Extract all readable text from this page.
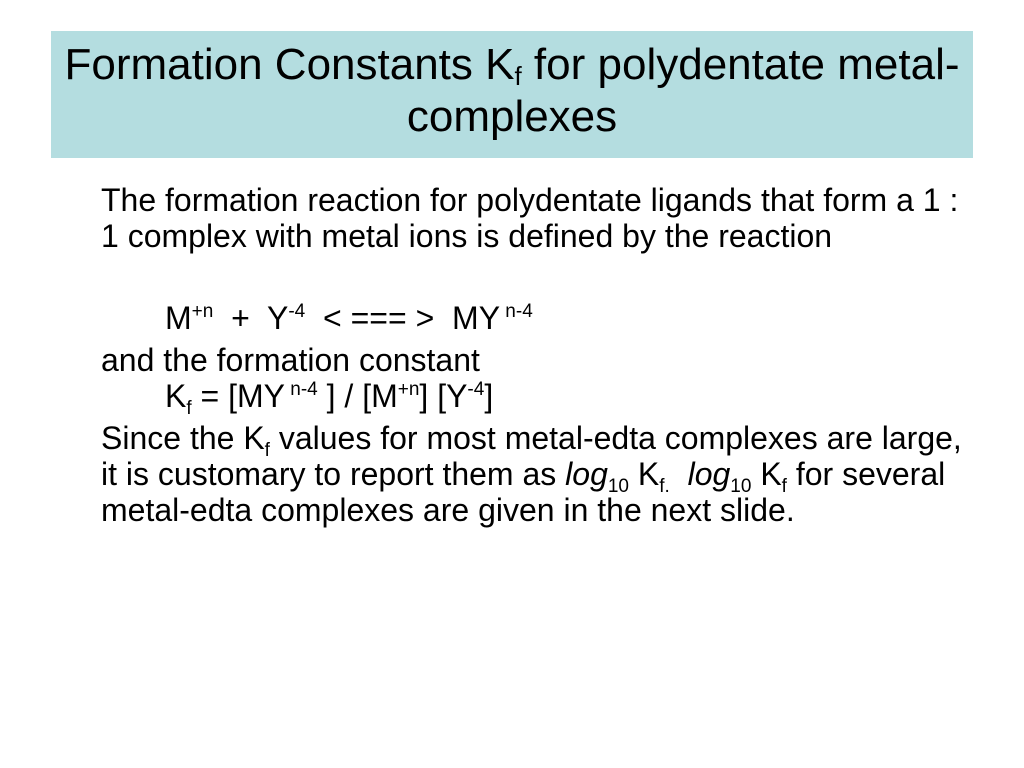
Formation Constants $K_f$ for polydentate metal-complexes

The formation reaction for polydentate ligands that form a 1 : 1 complex with metal ions is defined by the reaction

$M^{+n} + Y^{-4}$  < === >  MY $^{n-4}$

and the formation constant

$K_f = [MY$ $^{n-4}$ ] / $[M^{+n}]$ $[Y^{-4}]$

Since the $K_f$ values for most metal-edta complexes are large, it is customary to report them as $\log_{10} K_{f.}$ $\log_{10} K_f$ for several metal-edta complexes are given in the next slide.
